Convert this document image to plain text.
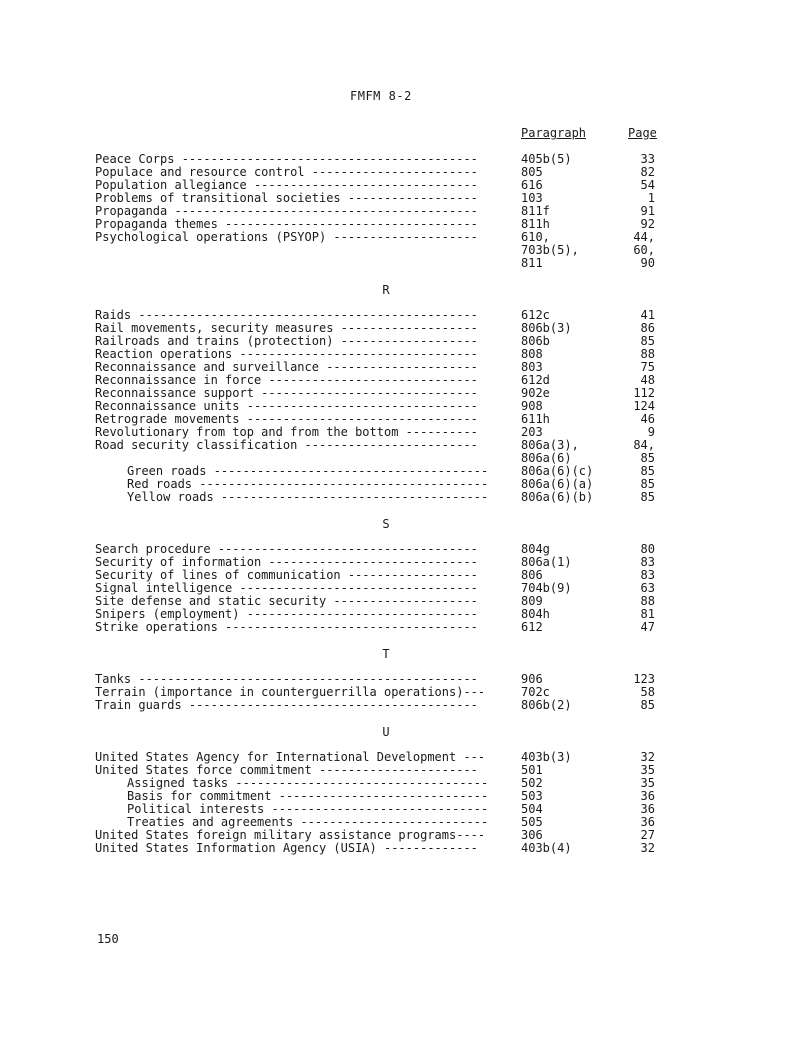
FMFM 8-2
Paragraph	Page
Peace Corps -----------------------------------------	405b(5)	33
Populace and resource control -----------------------	805	82
Population allegiance -------------------------------	616	54
Problems of transitional societies ------------------	103	1
Propaganda ------------------------------------------	811f	91
Propaganda themes -----------------------------------	811h	92
Psychological operations (PSYOP) --------------------	610,	44,
703b(5),	60,
811	90
R
Raids -----------------------------------------------	612c	41
Rail movements, security measures -------------------	806b(3)	86
Railroads and trains (protection) -------------------	806b	85
Reaction operations ---------------------------------	808	88
Reconnaissance and surveillance ---------------------	803	75
Reconnaissance in force -----------------------------	612d	48
Reconnaissance support ------------------------------	902e	112
Reconnaissance units --------------------------------	908	124
Retrograde movements --------------------------------	611h	46
Revolutionary from top and from the bottom ----------	203	9
Road security classification ------------------------	806a(3),	84,
806a(6)	85
Green roads --------------------------------------	806a(6)(c)	85
Red roads ----------------------------------------	806a(6)(a)	85
Yellow roads -------------------------------------	806a(6)(b)	85
S
Search procedure ------------------------------------	804g	80
Security of information -----------------------------	806a(1)	83
Security of lines of communication ------------------	806	83
Signal intelligence ---------------------------------	704b(9)	63
Site defense and static security --------------------	809	88
Snipers (employment) --------------------------------	804h	81
Strike operations -----------------------------------	612	47
T
Tanks -----------------------------------------------	906	123
Terrain (importance in counterguerrilla operations)---	702c	58
Train guards ----------------------------------------	806b(2)	85
U
United States Agency for International Development ---	403b(3)	32
United States force commitment ----------------------	501	35
Assigned tasks -----------------------------------	502	35
Basis for commitment -----------------------------	503	36
Political interests ------------------------------	504	36
Treaties and agreements --------------------------	505	36
United States foreign military assistance programs----	306	27
United States Information Agency (USIA) -------------	403b(4)	32
150
